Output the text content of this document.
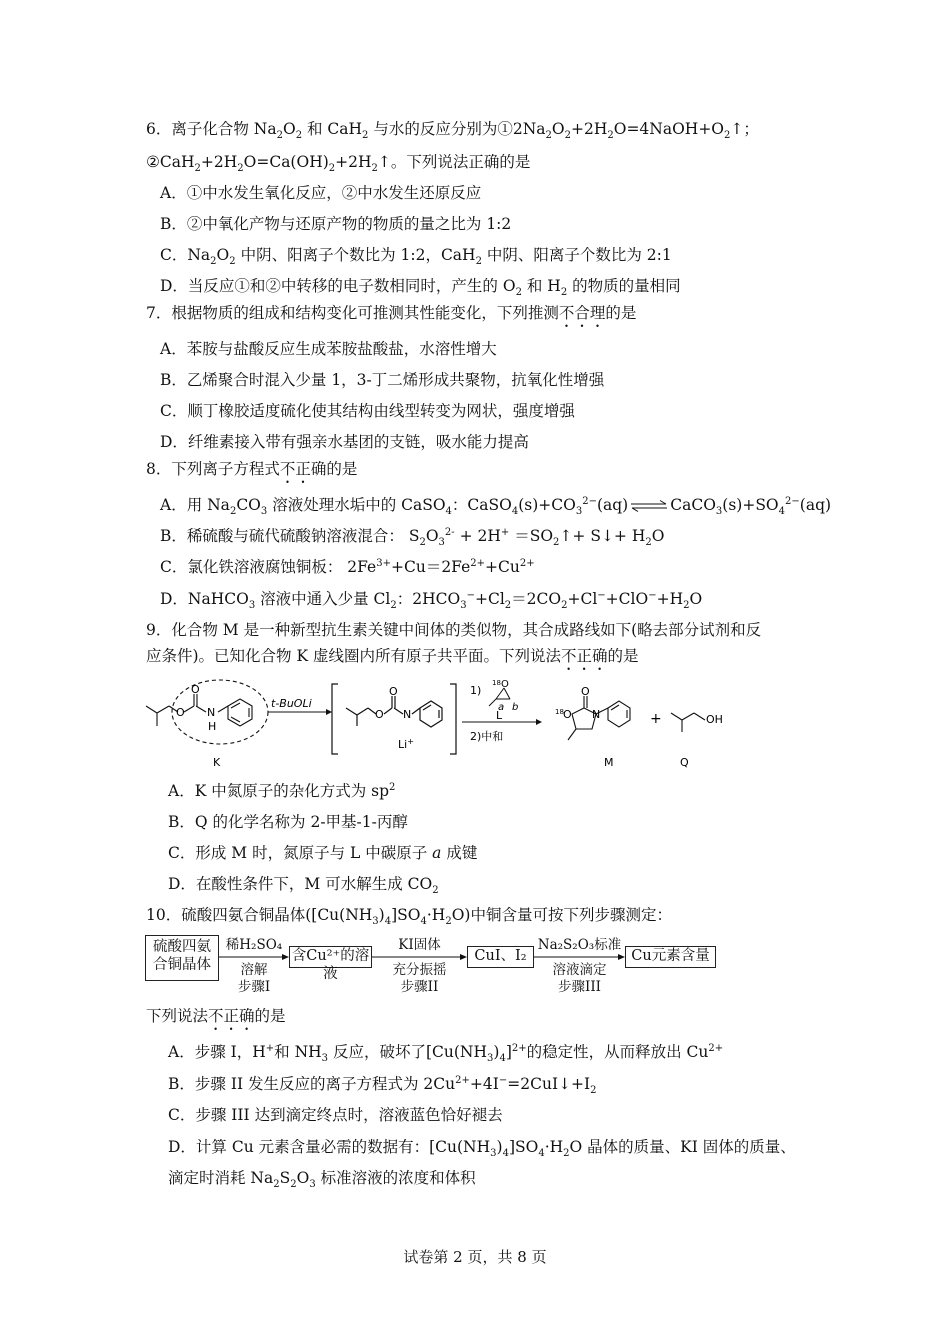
6．离子化合物 $Na_2O_2$ 和 CaH$_2$ 与水的反应分别为$①2Na_2O_2+2H_2O=4NaOH+O_2↑$；
$②CaH_2+2H_2O=Ca(OH)_2+2H_2↑$。下列说法正确的是
A．①中水发生氧化反应，②中水发生还原反应
B．②中氧化产物与还原产物的物质的量之比为 1:2
C．$Na_2O_2$ 中阴、阳离子个数比为 1:2，CaH$_2$ 中阴、阳离子个数比为 2:1
D．当反应①和②中转移的电子数相同时，产生的 $O_2$ 和 $H_2$ 的物质的量相同
7．根据物质的组成和结构变化可推测其性能变化，下列推测不合理的是
A．苯胺与盐酸反应生成苯胺盐酸盐，水溶性增大
B．乙烯聚合时混入少量 1，3-丁二烯形成共聚物，抗氧化性增强
C．顺丁橡胶适度硫化使其结构由线型转变为网状，强度增强
D．纤维素接入带有强亲水基团的支链，吸水能力提高
8．下列离子方程式不正确的是
A．用 $Na_2CO_3$ 溶液处理水垢中的 CaSO$_4$：$CaSO_4(s)+CO_3^{2-}(aq)$ ⇌ $CaCO_3(s)+SO_4^{2-}(aq)$
B．稀硫酸与硫代硫酸钠溶液混合： $S_2O_3^{2-} + 2H^+$ $=SO_2↑+$ S↓+ $H_2O$
C．氯化铁溶液腐蚀铜板： $2Fe^{3+}+Cu=2Fe^{2+}+Cu^{2+}$
D．NaHCO$_3$ 溶液中通入少量 $Cl_2$：$2HCO_3^-+Cl_2=2CO_2+Cl^-+ClO^-+H_2O$
9．化合物 M 是一种新型抗生素关键中间体的类似物，其合成路线如下(略去部分试剂和反
应条件)。已知化合物 K 虚线圈内所有原子共平面。下列说法不正确的是
O
O
N
H
K
t-BuOLi
O
O
N
Li+
1)
18 O
a b
L
2)中和
O
N
18 O
M
+	OH
Q
A．K 中氮原子的杂化方式为 $sp^2$
B．Q 的化学名称为 2-甲基-1-丙醇
C．形成 M 时，氮原子与 L 中碳原子 a 成键
D．在酸性条件下，M 可水解生成 $CO_2$
10．硫酸四氨合铜晶体$([Cu(NH_3)_4]SO_4\cdot H_2O)$中铜含量可按下列步骤测定：
硫酸四氨
合铜晶体
含Cu²⁺的溶液
CuI、I₂	Cu元素含量
稀H₂SO₄
溶解
步骤I
KI固体
充分振摇
步骤II
Na₂S₂O₃标准
溶液滴定
步骤III
下列说法不正确的是
A．步骤 I，H+和 $NH_3$ 反应，破坏了$[Cu(NH_3)_4]^{2+}$的稳定性，从而释放出 $Cu^{2+}$
B．步骤 II 发生反应的离子方程式为 $2Cu^{2+}+4I^-=2CuI↓+I_2$
C．步骤 III 达到滴定终点时，溶液蓝色恰好褪去
D．计算 Cu 元素含量必需的数据有：$[Cu(NH_3)_4]SO_4\cdot H_2O$ 晶体的质量、KI 固体的质量、
滴定时消耗 $Na_2S_2O_3$ 标准溶液的浓度和体积
试卷第 2 页，共 8 页
